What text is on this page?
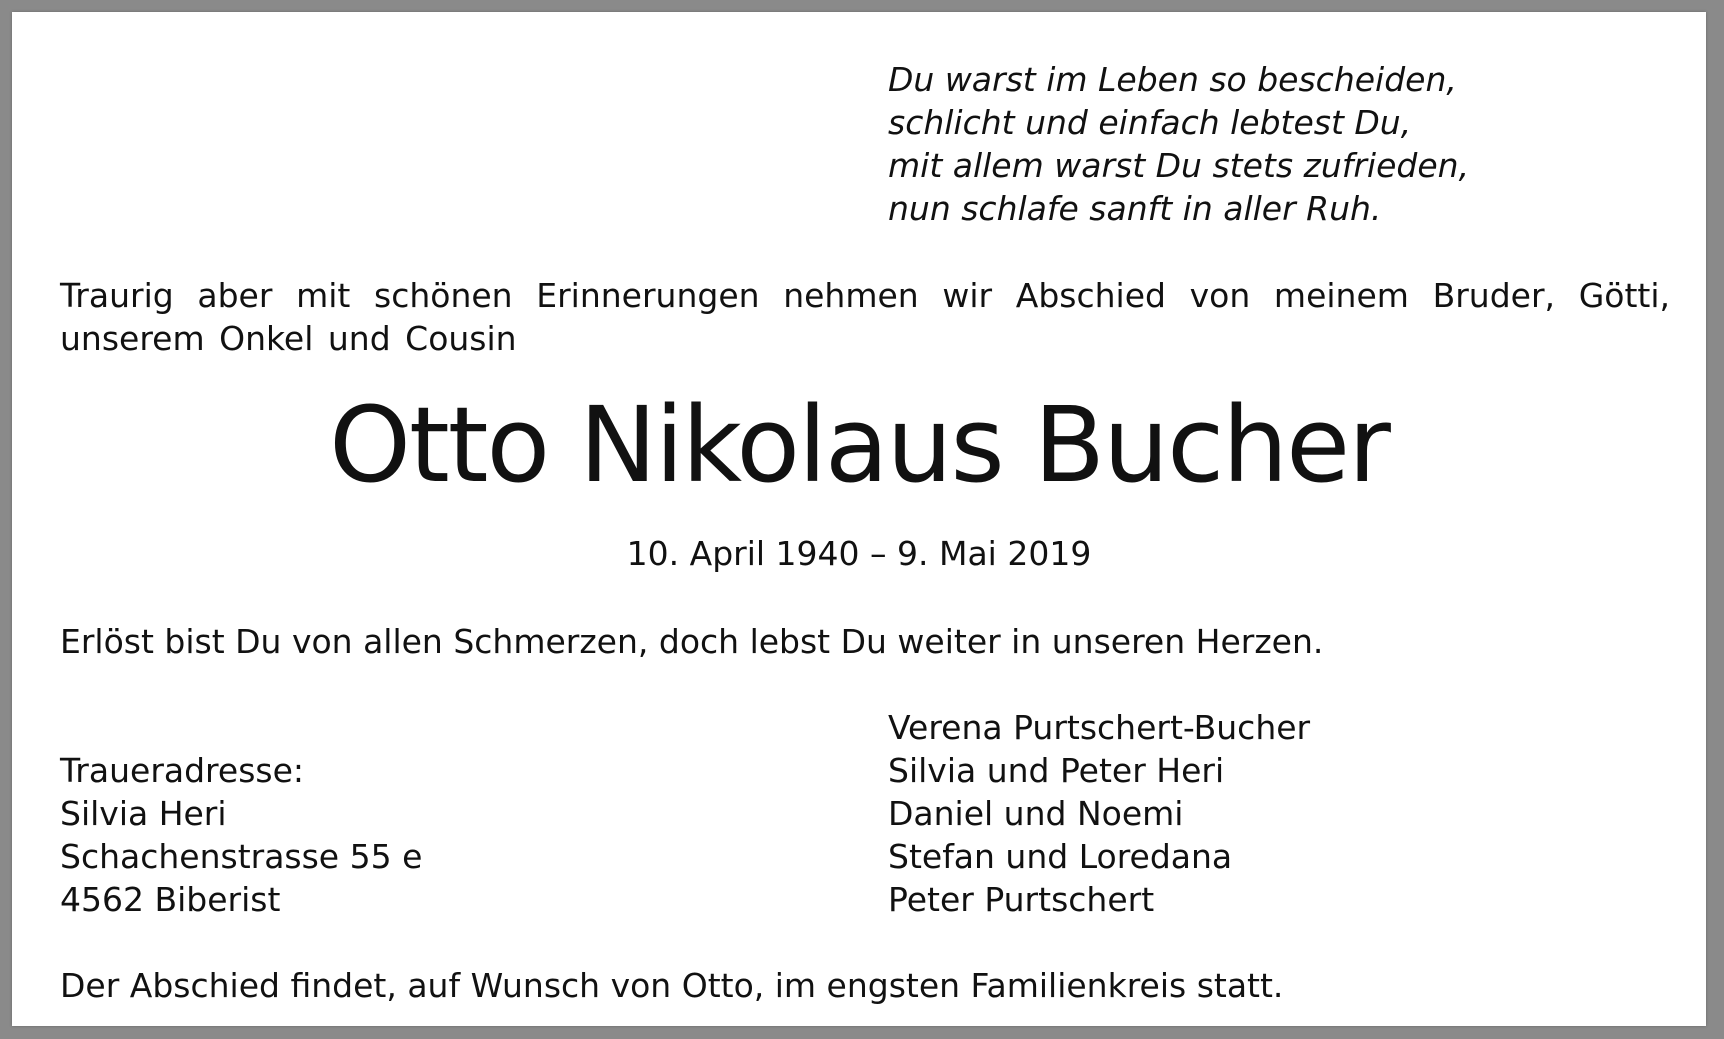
Du warst im Leben so bescheiden,
schlicht und einfach lebtest Du,
mit allem warst Du stets zufrieden,
nun schlafe sanft in aller Ruh.
Traurig aber mit schönen Erinnerungen nehmen wir Abschied von meinem Bruder, Götti, unserem Onkel und Cousin
Otto Nikolaus Bucher
10. April 1940 – 9. Mai 2019
Erlöst bist Du von allen Schmerzen, doch lebst Du weiter in unseren Herzen.
Verena Purtschert-Bucher
Silvia und Peter Heri
Daniel und Noemi
Stefan und Loredana
Peter Purtschert
Traueradresse:
Silvia Heri
Schachenstrasse 55 e
4562 Biberist
Der Abschied findet, auf Wunsch von Otto, im engsten Familienkreis statt.
